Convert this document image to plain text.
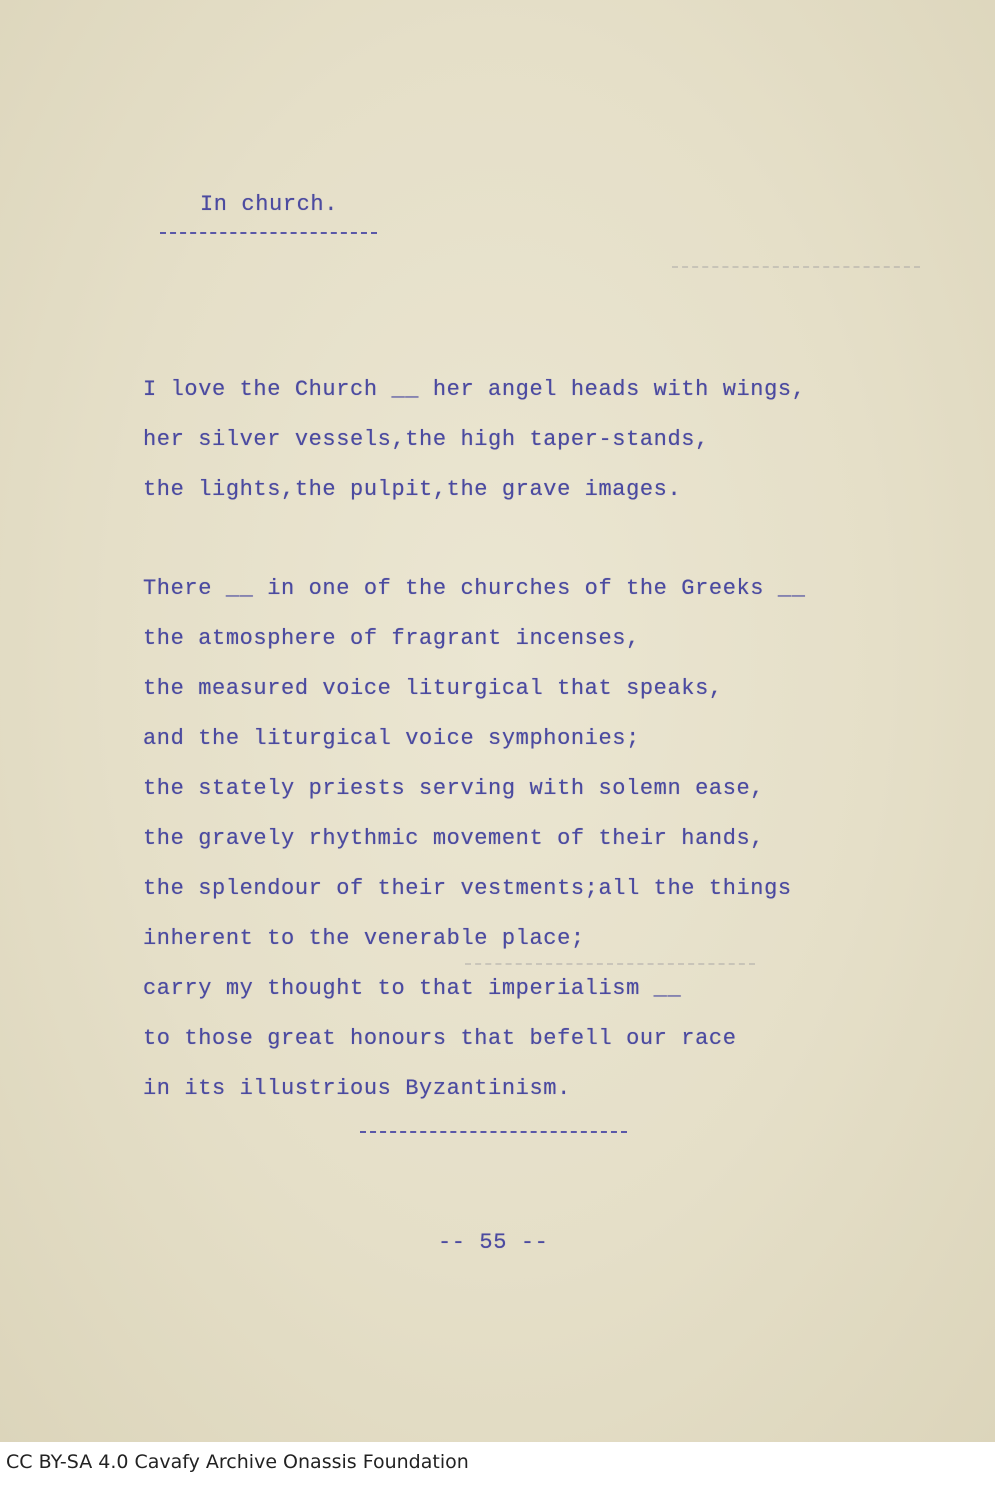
In church.
I love the Church __ her angel heads with wings,
her silver vessels,the high taper-stands,
the lights,the pulpit,the grave images.
There __ in one of the churches of the Greeks __
the atmosphere of fragrant incenses,
the measured voice liturgical that speaks,
and the liturgical voice symphonies;
the stately priests serving with solemn ease,
the gravely rhythmic movement of their hands,
the splendour of their vestments;all the things
inherent to the venerable place;
carry my thought to that imperialism __
to those great honours that befell our race
in its illustrious Byzantinism.
-- 55 --
CC BY-SA 4.0 Cavafy Archive Onassis Foundation
